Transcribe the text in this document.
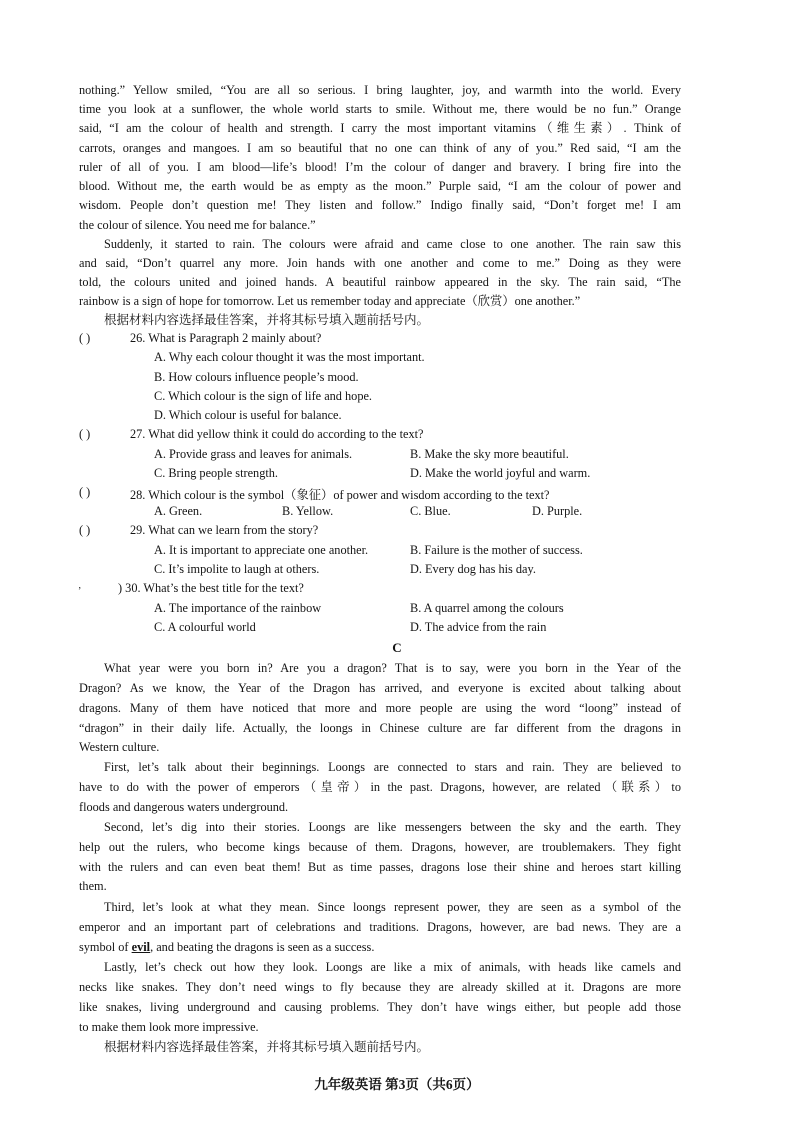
nothing.” Yellow smiled, “You are all so serious. I bring laughter, joy, and warmth into the world. Every
time you look at a sunflower, the whole world starts to smile. Without me, there would be no fun.” Orange
said, “I am the colour of health and strength. I carry the most important vitamins（维生素）. Think of
carrots, oranges and mangoes. I am so beautiful that no one can think of any of you.” Red said, “I am the
ruler of all of you. I am blood—life’s blood! I’m the colour of danger and bravery. I bring fire into the
blood. Without me, the earth would be as empty as the moon.” Purple said, “I am the colour of power and
wisdom. People don’t question me! They listen and follow.” Indigo finally said, “Don’t forget me! I am
the colour of silence. You need me for balance.”
Suddenly, it started to rain. The colours were afraid and came close to one another. The rain saw this
and said, “Don’t quarrel any more. Join hands with one another and come to me.” Doing as they were
told, the colours united and joined hands. A beautiful rainbow appeared in the sky. The rain said, “The
rainbow is a sign of hope for tomorrow. Let us remember today and appreciate（欣赏）one another.”
根据材料内容选择最佳答案，并将其标号填入题前括号内。
( )	26. What is Paragraph 2 mainly about?
A. Why each colour thought it was the most important.
B. How colours influence people’s mood.
C. Which colour is the sign of life and hope.
D. Which colour is useful for balance.
( )	27. What did yellow think it could do according to the text?
A. Provide grass and leaves for animals.	B. Make the sky more beautiful.
C. Bring people strength.	D. Make the world joyful and warm.
( )	28. Which colour is the symbol（象征）of power and wisdom according to the text?
A. Green.	B. Yellow.	C. Blue.	D. Purple.
( )	29. What can we learn from the story?
A. It is important to appreciate one another.	B. Failure is the mother of success.
C. It’s impolite to laugh at others.	D. Every dog has his day.
ʼ	) 30. What’s the best title for the text?
A. The importance of the rainbow	B. A quarrel among the colours
C. A colourful world	D. The advice from the rain
C
What year were you born in? Are you a dragon? That is to say, were you born in the Year of the
Dragon? As we know, the Year of the Dragon has arrived, and everyone is excited about talking about
dragons. Many of them have noticed that more and more people are using the word “loong” instead of
“dragon” in their daily life. Actually, the loongs in Chinese culture are far different from the dragons in
Western culture.
First, let’s talk about their beginnings. Loongs are connected to stars and rain. They are believed to
have to do with the power of emperors（皇帝）in the past. Dragons, however, are related（联系）to
floods and dangerous waters underground.
Second, let’s dig into their stories. Loongs are like messengers between the sky and the earth. They
help out the rulers, who become kings because of them. Dragons, however, are troublemakers. They fight
with the rulers and can even beat them! But as time passes, dragons lose their shine and heroes start killing
them.
Third, let’s look at what they mean. Since loongs represent power, they are seen as a symbol of the
emperor and an important part of celebrations and traditions. Dragons, however, are bad news. They are a
symbol of evil, and beating the dragons is seen as a success.
Lastly, let’s check out how they look. Loongs are like a mix of animals, with heads like camels and
necks like snakes. They don’t need wings to fly because they are already skilled at it. Dragons are more
like snakes, living underground and causing problems. They don’t have wings either, but people add those
to make them look more impressive.
根据材料内容选择最佳答案，并将其标号填入题前括号内。
九年级英语 第3页（共6页）
